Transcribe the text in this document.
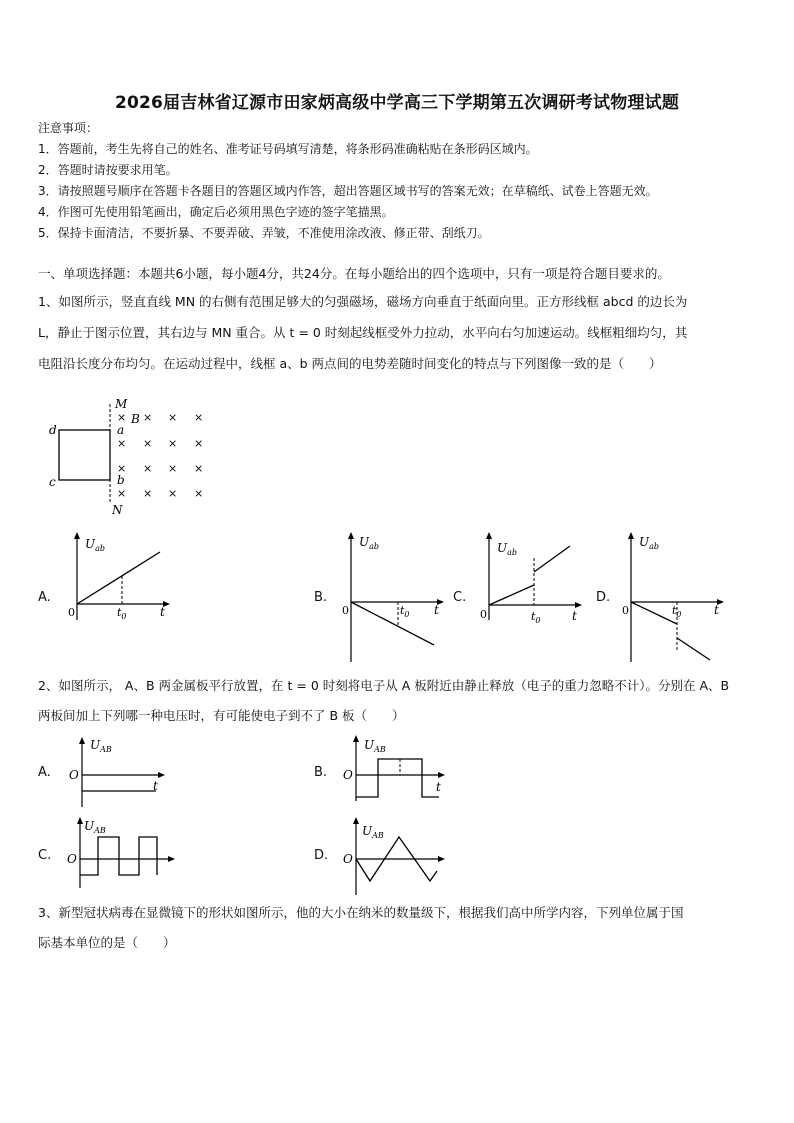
2026届吉林省辽源市田家炳高级中学高三下学期第五次调研考试物理试题
注意事项：
1．答题前，考生先将自己的姓名、准考证号码填写清楚，将条形码准确粘贴在条形码区域内。
2．答题时请按要求用笔。
3．请按照题号顺序在答题卡各题目的答题区域内作答，超出答题区域书写的答案无效；在草稿纸、试卷上答题无效。
4．作图可先使用铅笔画出，确定后必须用黑色字迹的签字笔描黑。
5．保持卡面清洁，不要折暴、不要弄破、弄皱，不准使用涂改液、修正带、刮纸刀。
一、单项选择题：本题共6小题，每小题4分，共24分。在每小题给出的四个选项中，只有一项是符合题目要求的。
1、如图所示，竖直直线 MN 的右侧有范围足够大的匀强磁场，磁场方向垂直于纸面向里。正方形线框 abcd 的边长为
L，静止于图示位置，其右边与 MN 重合。从 t = 0 时刻起线框受外力拉动，水平向右匀加速运动。线框粗细均匀，其
电阻沿长度分布均匀。在运动过程中，线框 a、b 两点间的电势差随时间变化的特点与下列图像一致的是（　　）
M
N
a
b
d
c
B
× × × ×
× × × ×
× × × ×
× × × ×
A.
$U_{ab}$
0	$t_0$	t
B.
$U_{ab}$
0	$t_0$ t
C.
$U_{ab}$
0	$t_0$	t
D.
$U_{ab}$
0	$t_0$	t
2、如图所示， A、B 两金属板平行放置，在 t = 0 时刻将电子从 A 板附近由静止释放（电子的重力忽略不计）。分别在 A、B
两板间加上下列哪一种电压时，有可能使电子到不了 B 板（　　）
A.
$U_{AB}$
O
t
B.
$U_{AB}$
O
t
C.
$U_{AB}$
O	D.
$U_{AB}$
O
3、新型冠状病毒在显微镜下的形状如图所示，他的大小在纳米的数量级下，根据我们高中所学内容，下列单位属于国
际基本单位的是（　　）
